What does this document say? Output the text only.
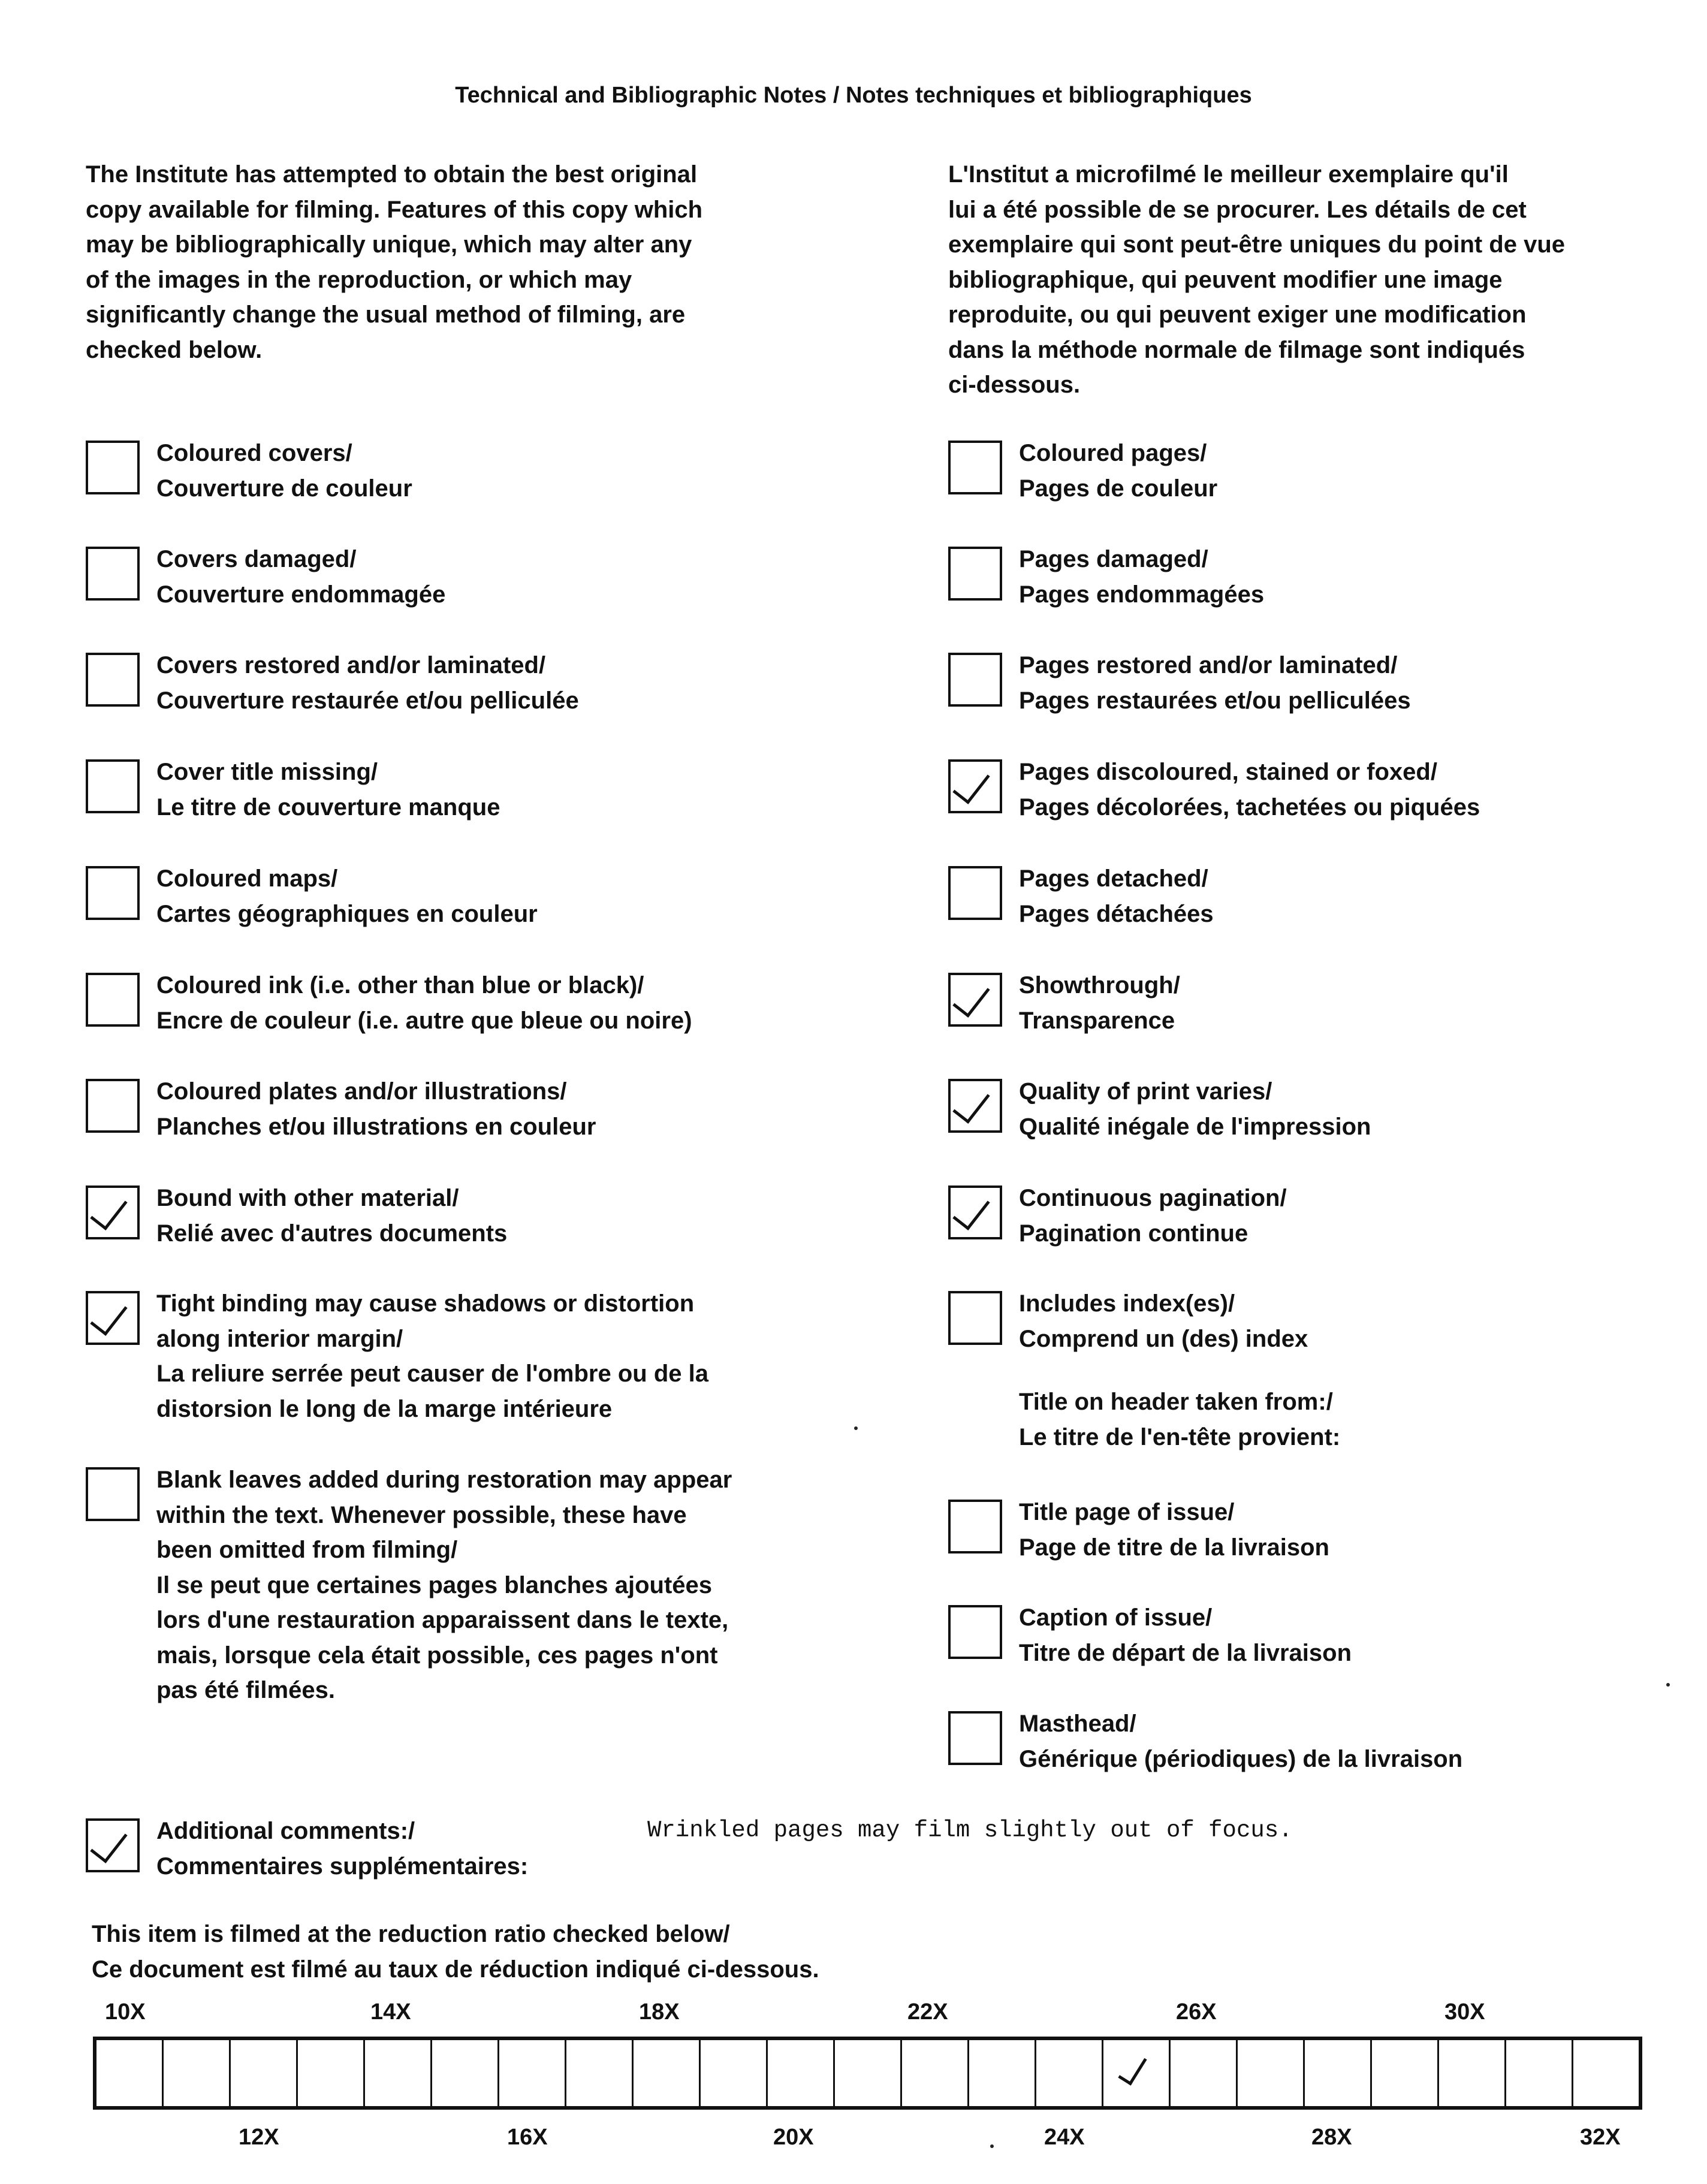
Technical and Bibliographic Notes / Notes techniques et bibliographiques
The Institute has attempted to obtain the best original
copy available for filming. Features of this copy which
may be bibliographically unique, which may alter any
of the images in the reproduction, or which may
significantly change the usual method of filming, are
checked below.
L'Institut a microfilmé le meilleur exemplaire qu'il
lui a été possible de se procurer. Les détails de cet
exemplaire qui sont peut-être uniques du point de vue
bibliographique, qui peuvent modifier une image
reproduite, ou qui peuvent exiger une modification
dans la méthode normale de filmage sont indiqués
ci-dessous.
Coloured covers/
Couverture de couleur
Covers damaged/
Couverture endommagée
Covers restored and/or laminated/
Couverture restaurée et/ou pelliculée
Cover title missing/
Le titre de couverture manque
Coloured maps/
Cartes géographiques en couleur
Coloured ink (i.e. other than blue or black)/
Encre de couleur (i.e. autre que bleue ou noire)
Coloured plates and/or illustrations/
Planches et/ou illustrations en couleur
Bound with other material/
Relié avec d'autres documents
Tight binding may cause shadows or distortion
along interior margin/
La reliure serrée peut causer de l'ombre ou de la
distorsion le long de la marge intérieure
Blank leaves added during restoration may appear
within the text. Whenever possible, these have
been omitted from filming/
Il se peut que certaines pages blanches ajoutées
lors d'une restauration apparaissent dans le texte,
mais, lorsque cela était possible, ces pages n'ont
pas été filmées.
Coloured pages/
Pages de couleur
Pages damaged/
Pages endommagées
Pages restored and/or laminated/
Pages restaurées et/ou pelliculées
Pages discoloured, stained or foxed/
Pages décolorées, tachetées ou piquées
Pages detached/
Pages détachées
Showthrough/
Transparence
Quality of print varies/
Qualité inégale de l'impression
Continuous pagination/
Pagination continue
Includes index(es)/
Comprend un (des) index
Title on header taken from:/
Le titre de l'en-tête provient:
Title page of issue/
Page de titre de la livraison
Caption of issue/
Titre de départ de la livraison
Masthead/
Générique (périodiques) de la livraison
Additional comments:/
Commentaires supplémentaires:
Wrinkled pages may film slightly out of focus.
This item is filmed at the reduction ratio checked below/
Ce document est filmé au taux de réduction indiqué ci-dessous.
10X	14X	18X	22X	26X	30X
12X	16X	20X	24X	28X	32X
